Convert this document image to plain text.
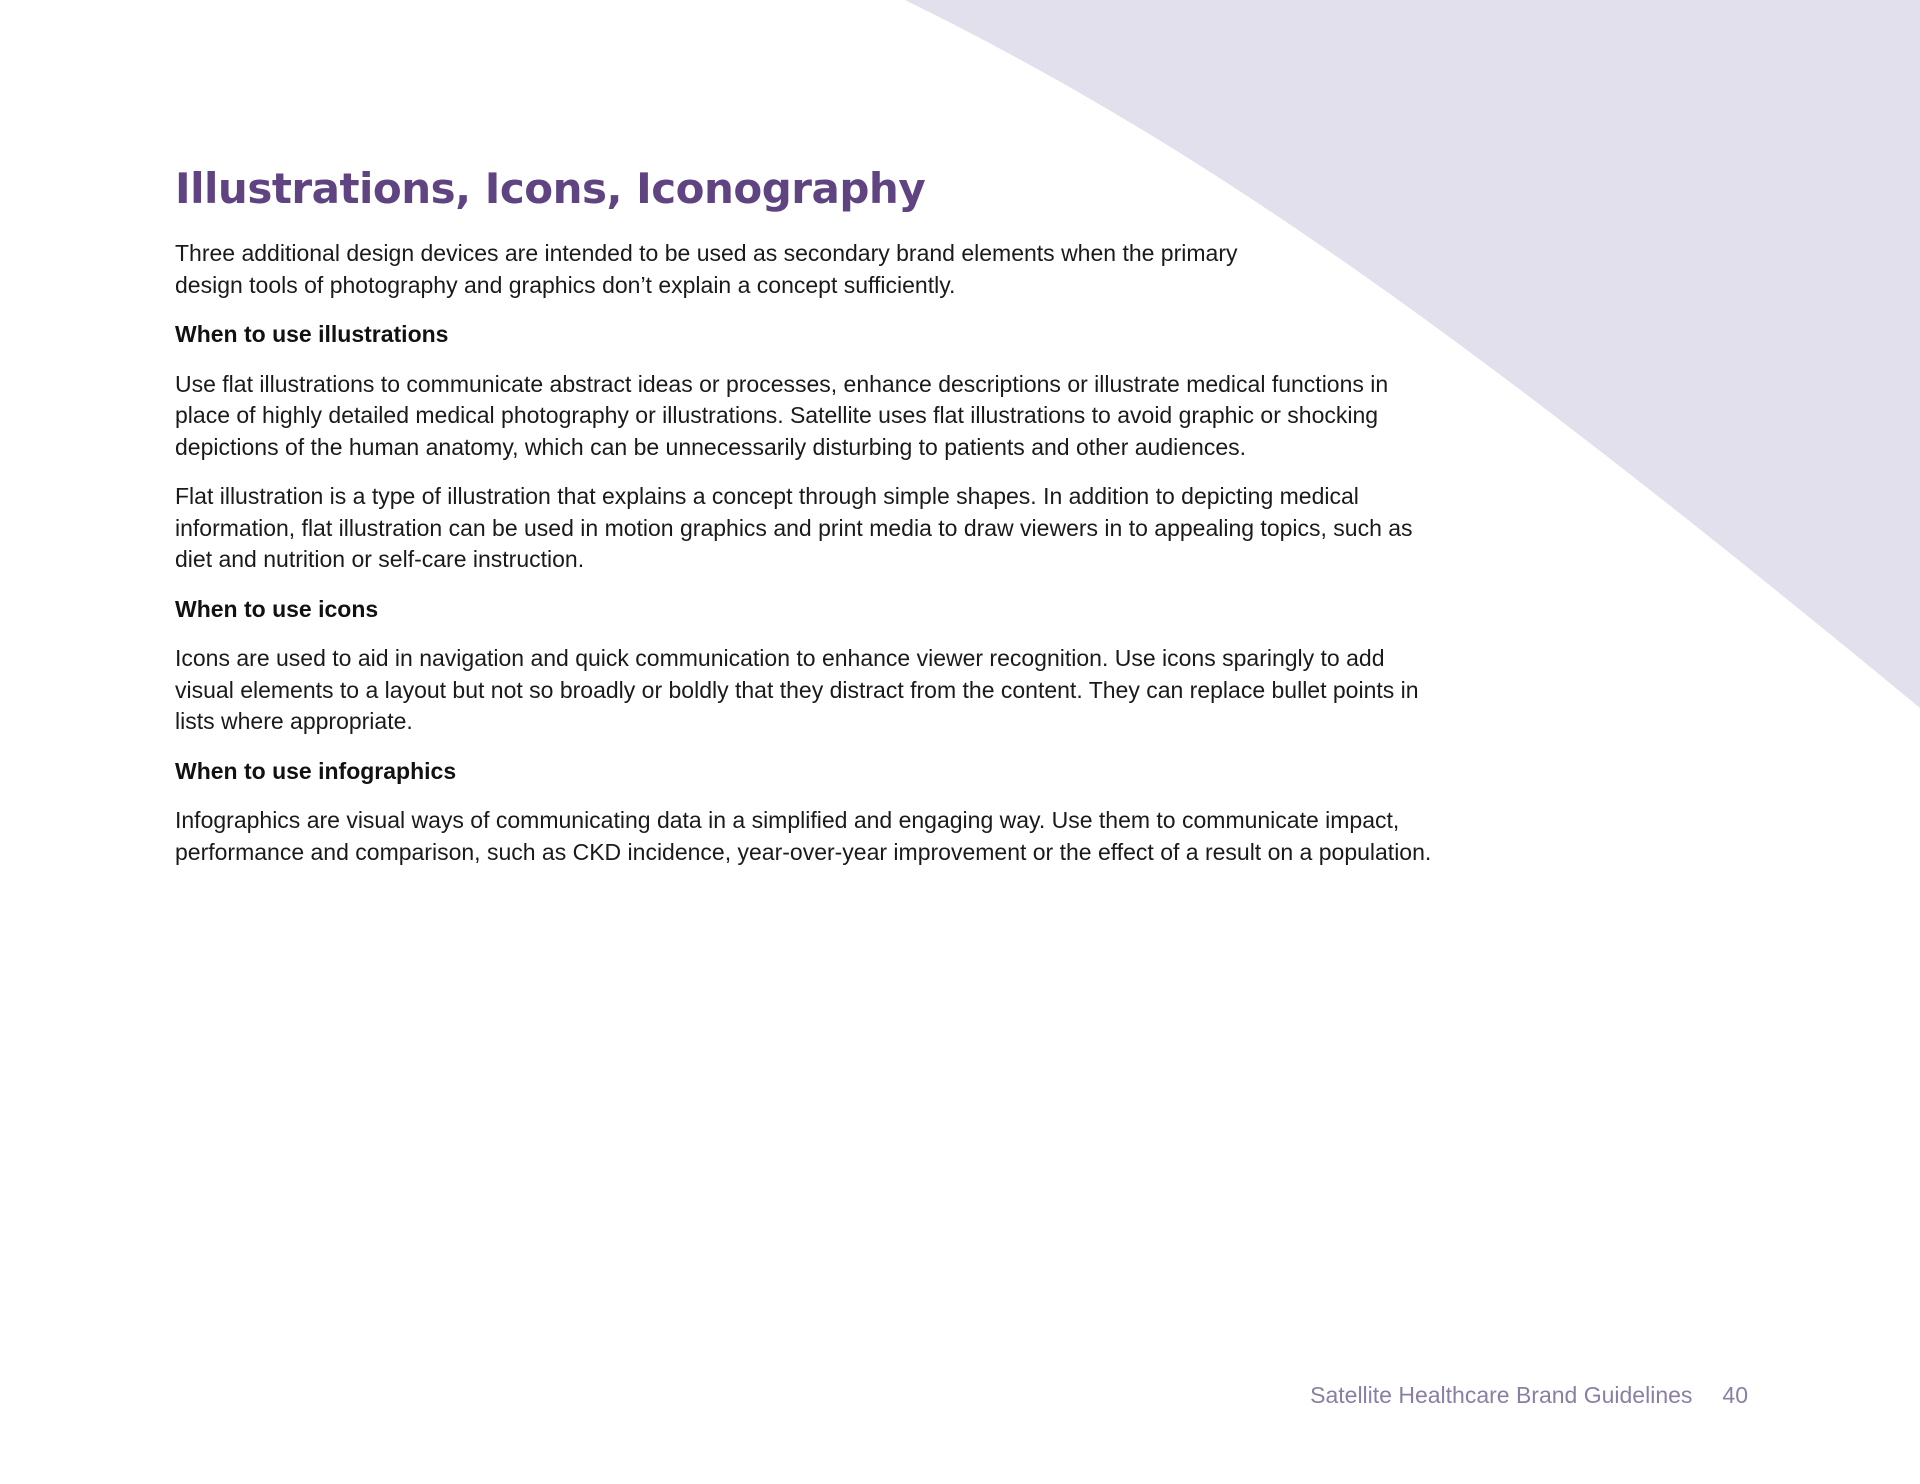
Illustrations, Icons, Iconography

Three additional design devices are intended to be used as secondary brand elements when the primary design tools of photography and graphics don’t explain a concept sufficiently.

When to use illustrations

Use flat illustrations to communicate abstract ideas or processes, enhance descriptions or illustrate medical functions in place of highly detailed medical photography or illustrations. Satellite uses flat illustrations to avoid graphic or shocking depictions of the human anatomy, which can be unnecessarily disturbing to patients and other audiences.

Flat illustration is a type of illustration that explains a concept through simple shapes. In addition to depicting medical information, flat illustration can be used in motion graphics and print media to draw viewers in to appealing topics, such as diet and nutrition or self-care instruction.

When to use icons

Icons are used to aid in navigation and quick communication to enhance viewer recognition. Use icons sparingly to add visual elements to a layout but not so broadly or boldly that they distract from the content. They can replace bullet points in lists where appropriate.

When to use infographics

Infographics are visual ways of communicating data in a simplified and engaging way. Use them to communicate impact, performance and comparison, such as CKD incidence, year-over-year improvement or the effect of a result on a population.

Satellite Healthcare Brand Guidelines 40
